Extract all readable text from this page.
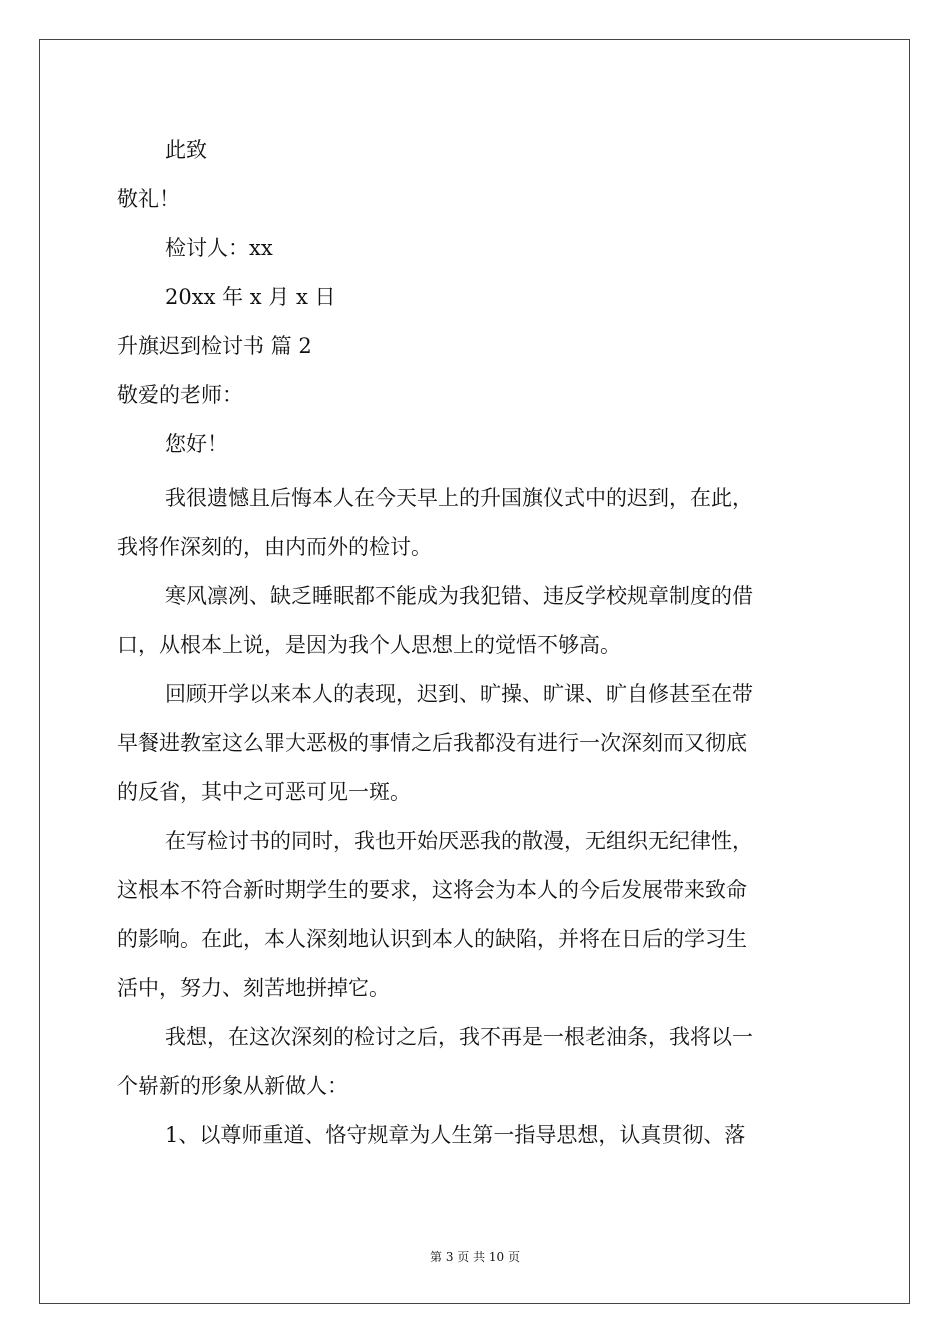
此致
敬礼！
检讨人：xx
20xx 年 x 月 x 日
升旗迟到检讨书 篇 2
敬爱的老师：
您好！
我很遗憾且后悔本人在今天早上的升国旗仪式中的迟到，在此，
我将作深刻的，由内而外的检讨。
寒风凛冽、缺乏睡眠都不能成为我犯错、违反学校规章制度的借
口，从根本上说，是因为我个人思想上的觉悟不够高。
回顾开学以来本人的表现，迟到、旷操、旷课、旷自修甚至在带
早餐进教室这么罪大恶极的事情之后我都没有进行一次深刻而又彻底
的反省，其中之可恶可见一斑。
在写检讨书的同时，我也开始厌恶我的散漫，无组织无纪律性，
这根本不符合新时期学生的要求，这将会为本人的今后发展带来致命
的影响。在此，本人深刻地认识到本人的缺陷，并将在日后的学习生
活中，努力、刻苦地拼掉它。
我想，在这次深刻的检讨之后，我不再是一根老油条，我将以一
个崭新的形象从新做人：
1、以尊师重道、恪守规章为人生第一指导思想，认真贯彻、落
第 3 页 共 10 页
